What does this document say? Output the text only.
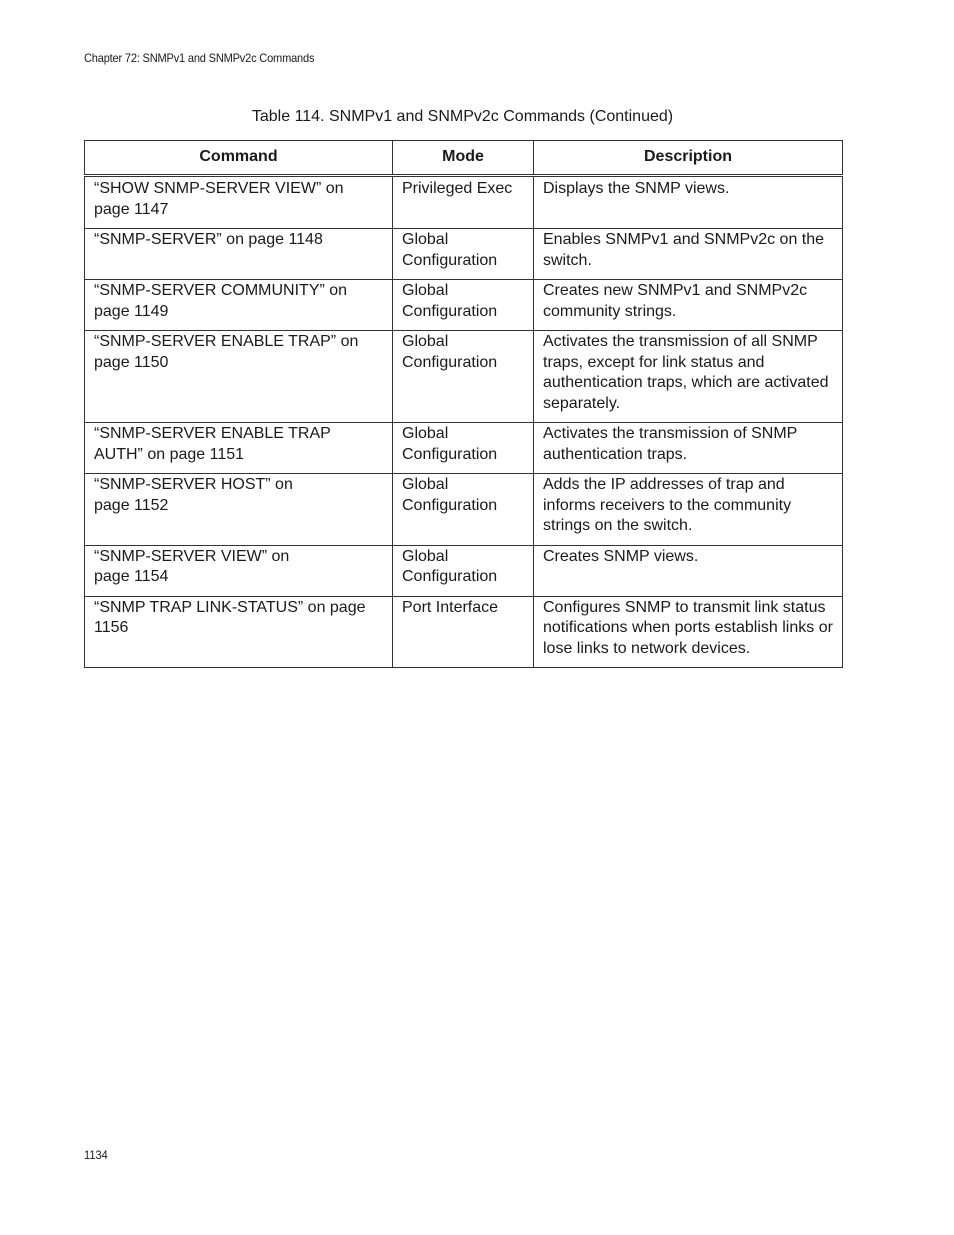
Chapter 72: SNMPv1 and SNMPv2c Commands
Table 114. SNMPv1 and SNMPv2c Commands (Continued)
Command	Mode	Description
“SHOW SNMP-SERVER VIEW” on page 1147	Privileged Exec	Displays the SNMP views.
“SNMP-SERVER” on page 1148	Global Configuration	Enables SNMPv1 and SNMPv2c on the switch.
“SNMP-SERVER COMMUNITY” on page 1149	Global Configuration	Creates new SNMPv1 and SNMPv2c community strings.
“SNMP-SERVER ENABLE TRAP” on page 1150	Global Configuration	Activates the transmission of all SNMP traps, except for link status and authentication traps, which are activated separately.
“SNMP-SERVER ENABLE TRAP AUTH” on page 1151	Global Configuration	Activates the transmission of SNMP authentication traps.
“SNMP-SERVER HOST” on page 1152	Global Configuration	Adds the IP addresses of trap and informs receivers to the community strings on the switch.
“SNMP-SERVER VIEW” on page 1154	Global Configuration	Creates SNMP views.
“SNMP TRAP LINK-STATUS” on page 1156	Port Interface	Configures SNMP to transmit link status notifications when ports establish links or lose links to network devices.
1134
